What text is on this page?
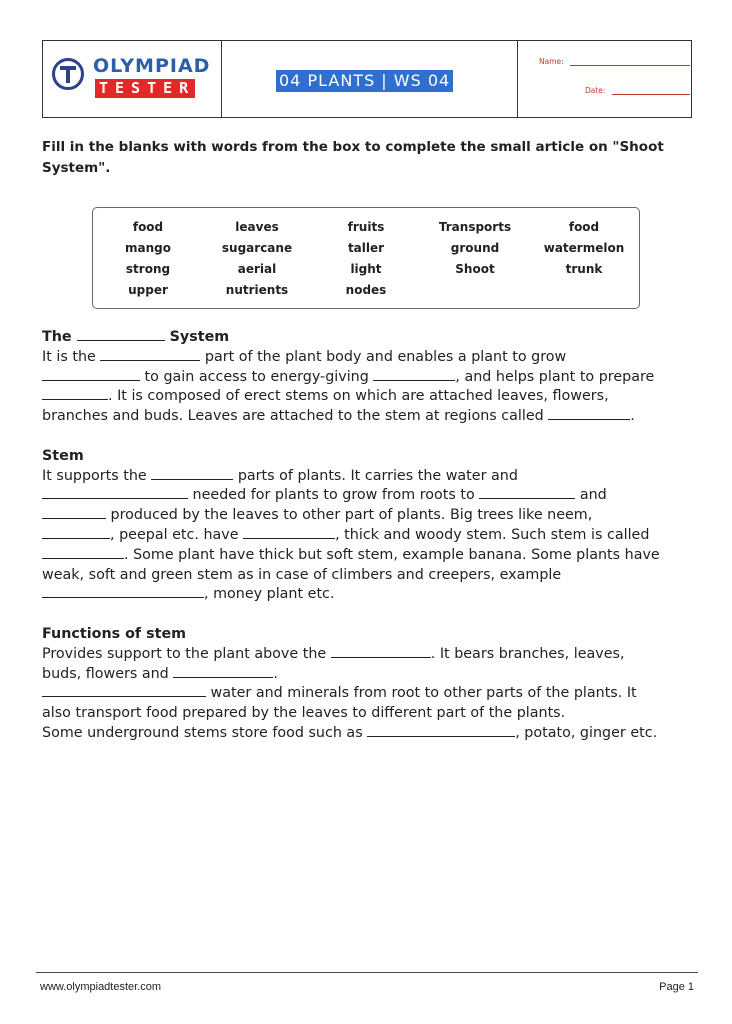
OLYMPIAD
TESTER	04 PLANTS | WS 04
Name:
Date:
Fill in the blanks with words from the box to complete the small article on "Shoot System".
food	leaves	fruits	Transports	food
mango	sugarcane	taller	ground	watermelon
strong	aerial	light	Shoot	trunk
upper	nutrients	nodes
The	System

It is the	part of the plant body and enables a plant to grow
to gain access to energy-giving	, and helps plant to prepare
. It is composed of erect stems on which are attached leaves, flowers,
branches and buds. Leaves are attached to the stem at regions called	.

Stem

It supports the	parts of plants. It carries the water and
needed for plants to grow from roots to	and
produced by the leaves to other part of plants. Big trees like neem,
, peepal etc. have	, thick and woody stem. Such stem is called
. Some plant have thick but soft stem, example banana. Some plants have
weak, soft and green stem as in case of climbers and creepers, example
, money plant etc.

Functions of stem

Provides support to the plant above the	. It bears branches, leaves,
buds, flowers and	.
water and minerals from root to other parts of the plants. It
also transport food prepared by the leaves to different part of the plants.
Some underground stems store food such as	, potato, ginger etc.

www.olympiadtester.com	Page 1
